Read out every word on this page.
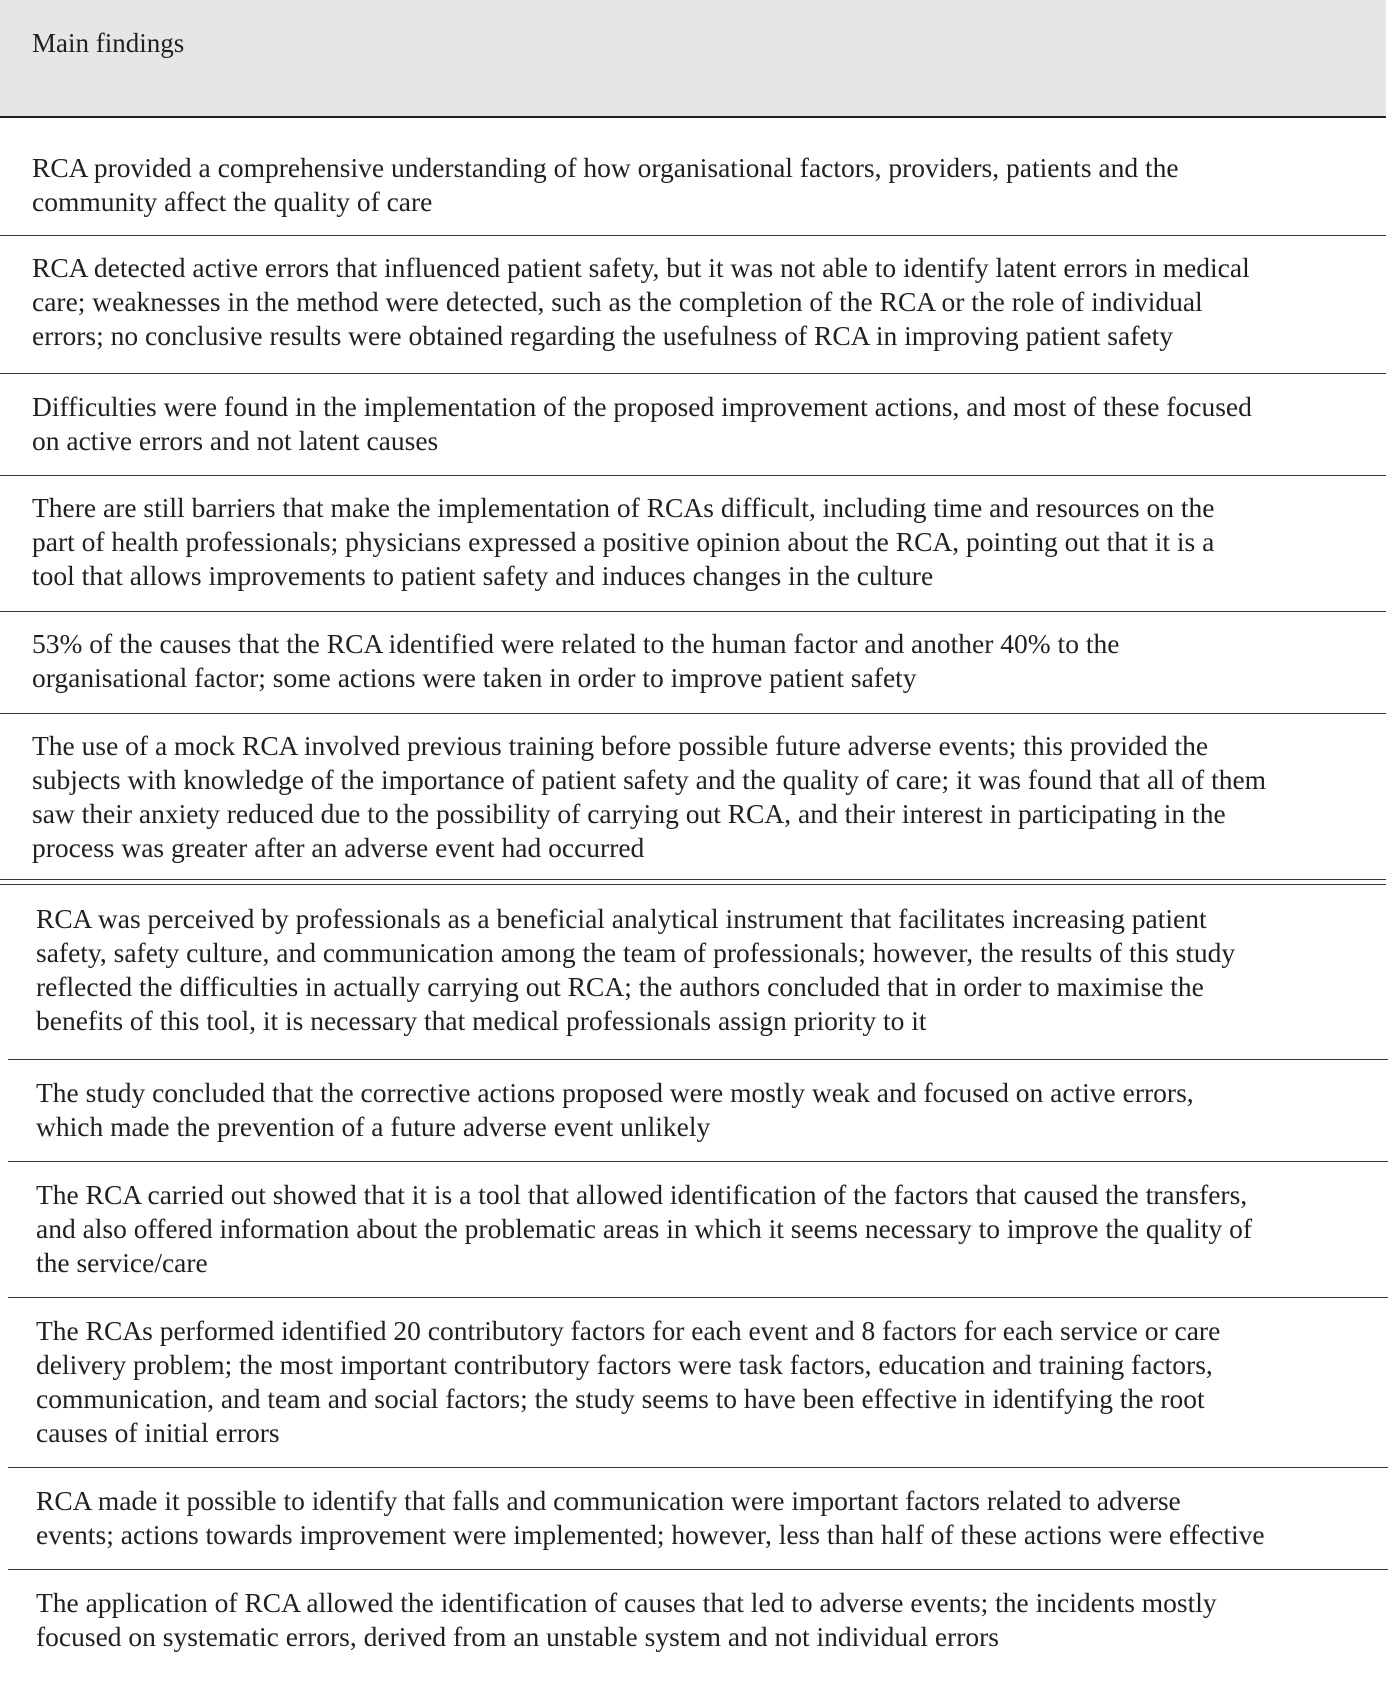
Main findings
RCA provided a comprehensive understanding of how organisational factors, providers, patients and the
community affect the quality of care
RCA detected active errors that influenced patient safety, but it was not able to identify latent errors in medical
care; weaknesses in the method were detected, such as the completion of the RCA or the role of individual
errors; no conclusive results were obtained regarding the usefulness of RCA in improving patient safety
Difficulties were found in the implementation of the proposed improvement actions, and most of these focused
on active errors and not latent causes
There are still barriers that make the implementation of RCAs difficult, including time and resources on the
part of health professionals; physicians expressed a positive opinion about the RCA, pointing out that it is a
tool that allows improvements to patient safety and induces changes in the culture
53% of the causes that the RCA identified were related to the human factor and another 40% to the
organisational factor; some actions were taken in order to improve patient safety
The use of a mock RCA involved previous training before possible future adverse events; this provided the
subjects with knowledge of the importance of patient safety and the quality of care; it was found that all of them
saw their anxiety reduced due to the possibility of carrying out RCA, and their interest in participating in the
process was greater after an adverse event had occurred
RCA was perceived by professionals as a beneficial analytical instrument that facilitates increasing patient
safety, safety culture, and communication among the team of professionals; however, the results of this study
reflected the difficulties in actually carrying out RCA; the authors concluded that in order to maximise the
benefits of this tool, it is necessary that medical professionals assign priority to it
The study concluded that the corrective actions proposed were mostly weak and focused on active errors,
which made the prevention of a future adverse event unlikely
The RCA carried out showed that it is a tool that allowed identification of the factors that caused the transfers,
and also offered information about the problematic areas in which it seems necessary to improve the quality of
the service/care
The RCAs performed identified 20 contributory factors for each event and 8 factors for each service or care
delivery problem; the most important contributory factors were task factors, education and training factors,
communication, and team and social factors; the study seems to have been effective in identifying the root
causes of initial errors
RCA made it possible to identify that falls and communication were important factors related to adverse
events; actions towards improvement were implemented; however, less than half of these actions were effective
The application of RCA allowed the identification of causes that led to adverse events; the incidents mostly
focused on systematic errors, derived from an unstable system and not individual errors
